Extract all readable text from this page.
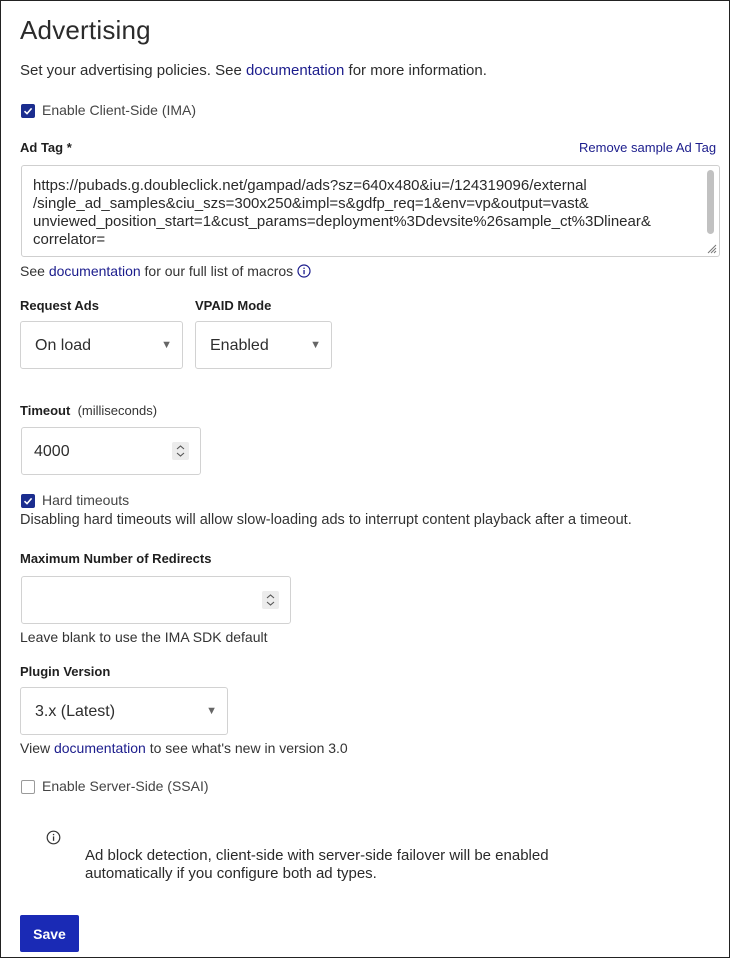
Advertising
Set your advertising policies. See documentation for more information.
Enable Client-Side (IMA)
Ad Tag *	Remove sample Ad Tag
https://pubads.g.doubleclick.net/gampad/ads?sz=640x480&iu=/124319096/external
/single_ad_samples&ciu_szs=300x250&impl=s&gdfp_req=1&env=vp&output=vast&
unviewed_position_start=1&cust_params=deployment%3Ddevsite%26sample_ct%3Dlinear&
correlator=
See documentation for our full list of macros
Request Ads
On load	▼
VPAID Mode
Enabled	▼
Timeout (milliseconds)
4000
Hard timeouts
Disabling hard timeouts will allow slow-loading ads to interrupt content playback after a timeout.
Maximum Number of Redirects
Leave blank to use the IMA SDK default
Plugin Version
3.x (Latest)	▼
View documentation to see what's new in version 3.0
Enable Server-Side (SSAI)
Ad block detection, client-side with server-side failover will be enabled automatically if you configure both ad types.
Save
